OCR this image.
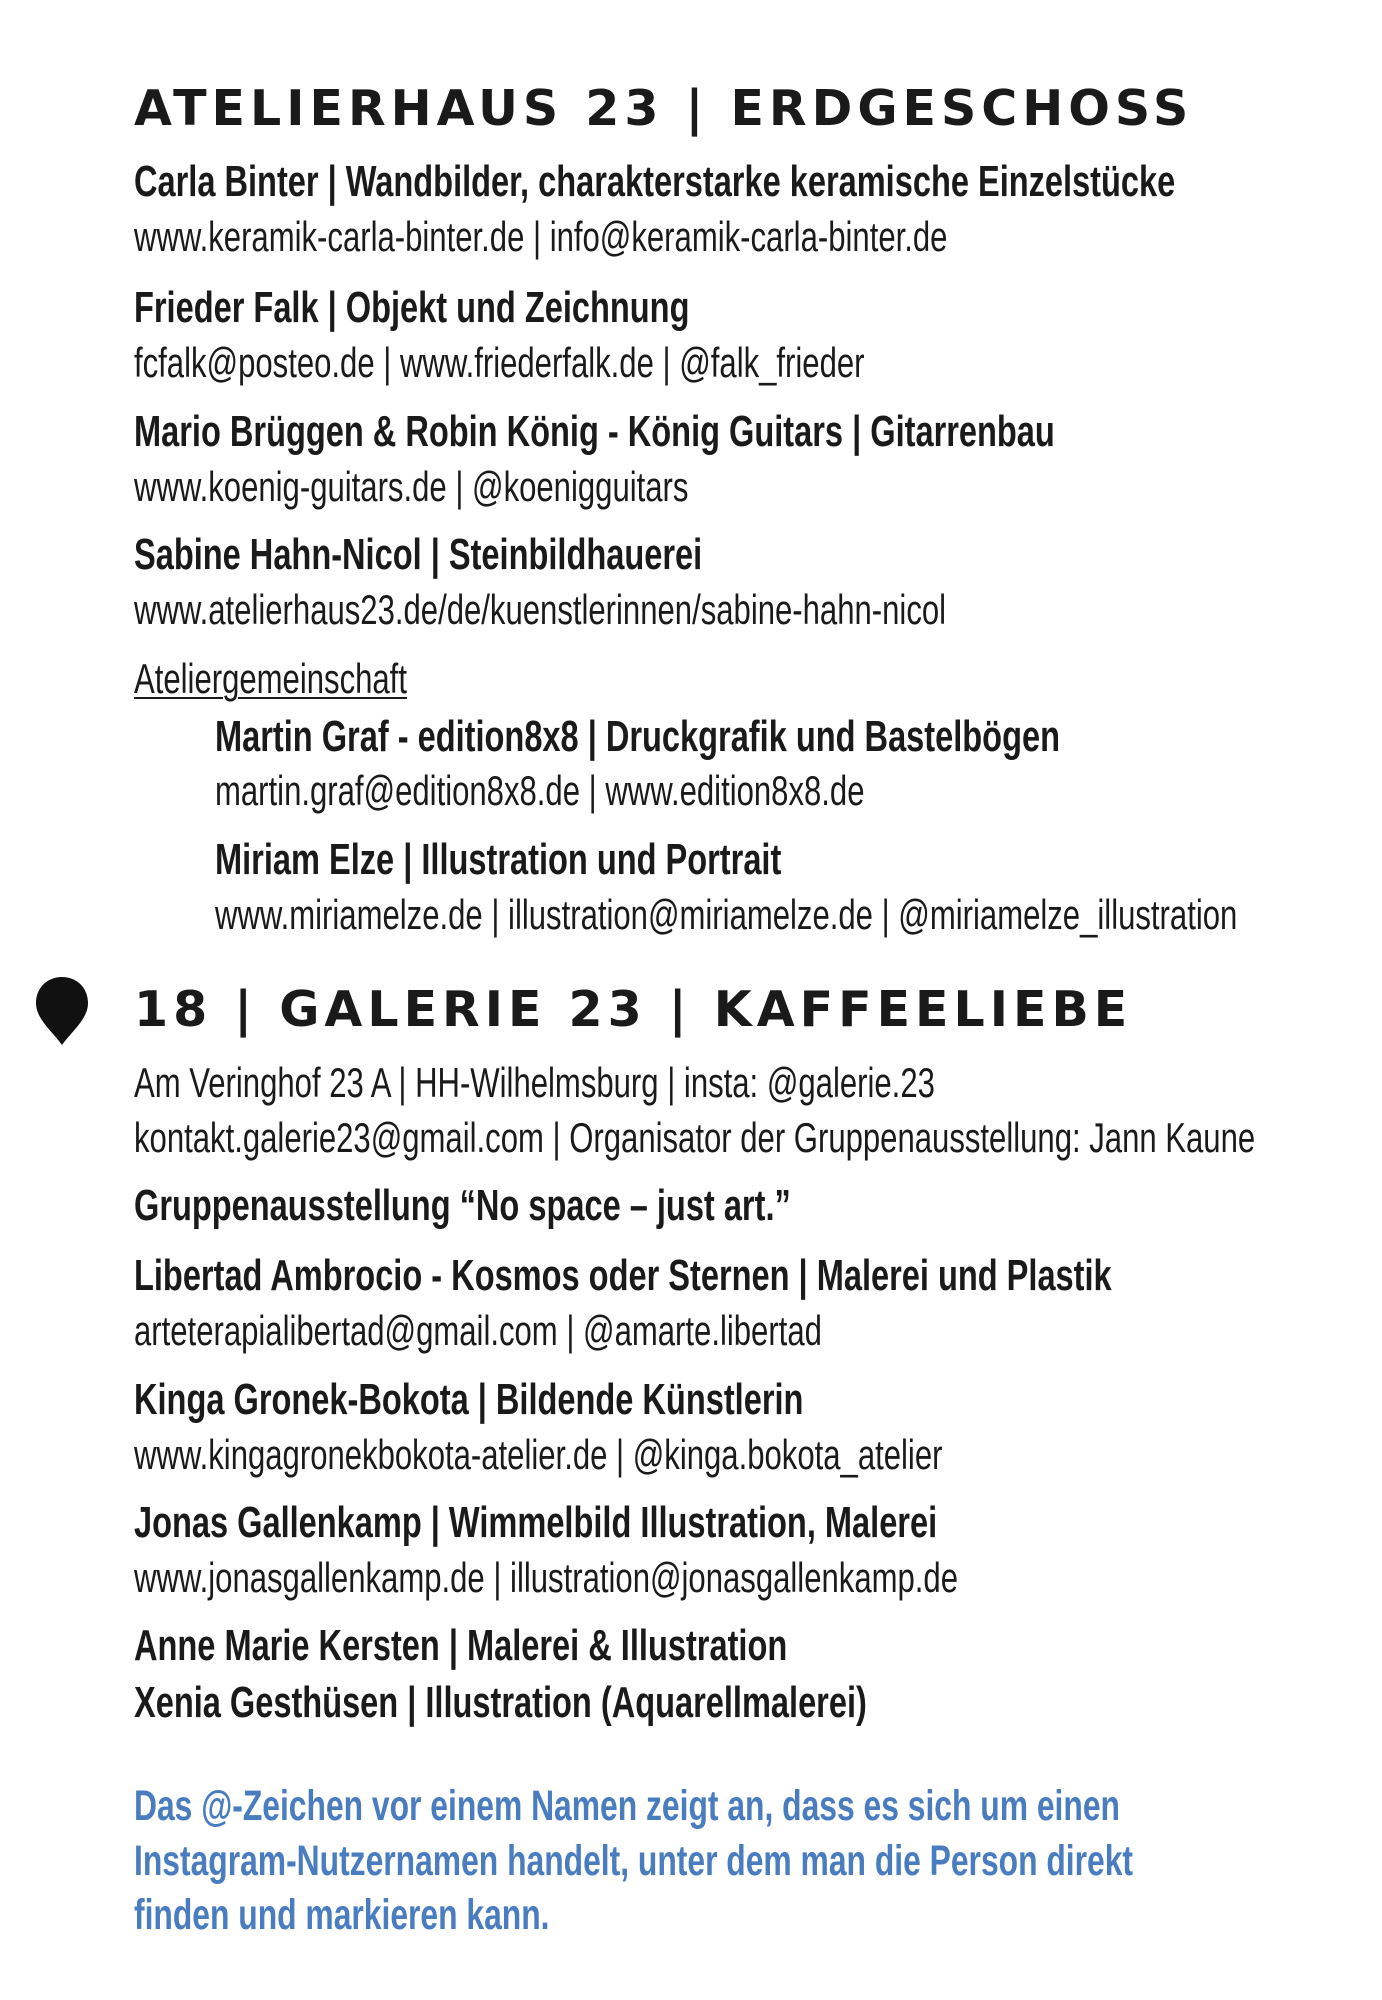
ATELIERHAUS 23 | ERDGESCHOSS
Carla Binter | Wandbilder, charakterstarke keramische Einzelstücke
www.keramik-carla-binter.de | info@keramik-carla-binter.de
Frieder Falk | Objekt und Zeichnung
fcfalk@posteo.de | www.friederfalk.de | @falk_frieder
Mario Brüggen & Robin König - König Guitars | Gitarrenbau
www.koenig-guitars.de | @koenigguitars
Sabine Hahn-Nicol | Steinbildhauerei
www.atelierhaus23.de/de/kuenstlerinnen/sabine-hahn-nicol
Ateliergemeinschaft
Martin Graf - edition8x8 | Druckgrafik und Bastelbögen
martin.graf@edition8x8.de | www.edition8x8.de
Miriam Elze | Illustration und Portrait
www.miriamelze.de | illustration@miriamelze.de | @miriamelze_illustration
18 | GALERIE 23 | KAFFEELIEBE
Am Veringhof 23 A | HH-Wilhelmsburg | insta: @galerie.23
kontakt.galerie23@gmail.com | Organisator der Gruppenausstellung: Jann Kaune
Gruppenausstellung “No space – just art.”
Libertad Ambrocio - Kosmos oder Sternen | Malerei und Plastik
arteterapialibertad@gmail.com | @amarte.libertad
Kinga Gronek-Bokota | Bildende Künstlerin
www.kingagronekbokota-atelier.de | @kinga.bokota_atelier
Jonas Gallenkamp | Wimmelbild Illustration, Malerei
www.jonasgallenkamp.de | illustration@jonasgallenkamp.de
Anne Marie Kersten | Malerei & Illustration
Xenia Gesthüsen | Illustration (Aquarellmalerei)
Das @-Zeichen vor einem Namen zeigt an, dass es sich um einen
Instagram-Nutzernamen handelt, unter dem man die Person direkt
finden und markieren kann.
